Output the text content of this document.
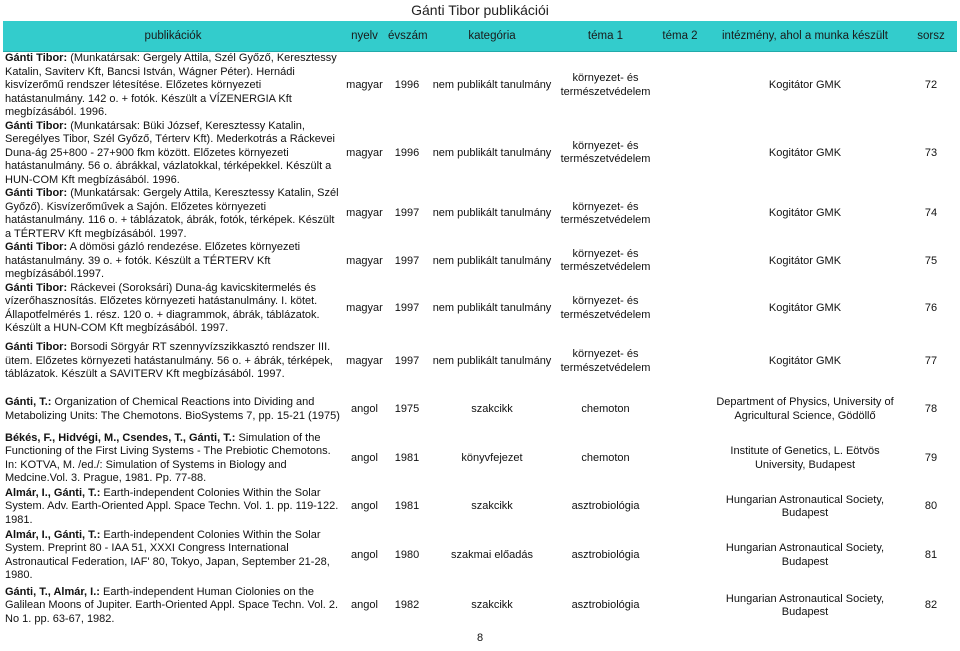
Gánti Tibor publikációi
publikációk	nyelv	évszám	kategória	téma 1	téma 2	intézmény, ahol a munka készült	sorsz
Gánti Tibor: (Munkatársak: Gergely Attila, Szél Győző, Keresztessy Katalin, Saviterv Kft, Bancsi István, Wágner Péter). Hernádi kisvízerőmű rendszer létesítése. Előzetes környezeti hatástanulmány. 142 o. + fotók. Készült a VÍZENERGIA Kft megbízásából. 1996.	magyar	1996	nem publikált tanulmány	környezet- és természetvédelem		Kogitátor GMK	72
Gánti Tibor: (Munkatársak: Büki József, Keresztessy Katalin, Seregélyes Tibor, Szél Győző, Térterv Kft). Mederkotrás a Ráckevei Duna-ág 25+800 - 27+900 fkm között. Előzetes környezeti hatástanulmány. 56 o. ábrákkal, vázlatokkal, térképekkel. Készült a HUN-COM Kft megbízásából. 1996.	magyar	1996	nem publikált tanulmány	környezet- és természetvédelem		Kogitátor GMK	73
Gánti Tibor: (Munkatársak: Gergely Attila, Keresztessy Katalin, Szél Győző). Kisvízerőművek a Sajón. Előzetes környezeti hatástanulmány. 116 o. + táblázatok, ábrák, fotók, térképek. Készült a TÉRTERV Kft megbízásából. 1997.	magyar	1997	nem publikált tanulmány	környezet- és természetvédelem		Kogitátor GMK	74
Gánti Tibor: A dömösi gázló rendezése. Előzetes környezeti hatástanulmány. 39 o. + fotók. Készült a TÉRTERV Kft megbízásából.1997.	magyar	1997	nem publikált tanulmány	környezet- és természetvédelem		Kogitátor GMK	75
Gánti Tibor: Ráckevei (Soroksári) Duna-ág kavicskitermelés és vízerőhasznosítás. Előzetes környezeti hatástanulmány. I. kötet. Állapotfelmérés 1. rész. 120 o. + diagrammok, ábrák, táblázatok. Készült a HUN-COM Kft megbízásából. 1997.	magyar	1997	nem publikált tanulmány	környezet- és természetvédelem		Kogitátor GMK	76
Gánti Tibor: Borsodi Sörgyár RT szennyvízszikkasztó rendszer III. ütem. Előzetes környezeti hatástanulmány. 56 o. + ábrák, térképek, táblázatok. Készült a SAVITERV Kft megbízásából. 1997.	magyar	1997	nem publikált tanulmány	környezet- és természetvédelem		Kogitátor GMK	77
Gánti, T.: Organization of Chemical Reactions into Dividing and Metabolizing Units: The Chemotons. BioSystems 7, pp. 15-21 (1975)	angol	1975	szakcikk	chemoton		Department of Physics, University of Agricultural Science, Gödöllő	78
Békés, F., Hidvégi, M., Csendes, T., Gánti, T.: Simulation of the Functioning of the First Living Systems - The Prebiotic Chemotons. In: KOTVA, M. /ed./: Simulation of Systems in Biology and Medcine.Vol. 3. Prague, 1981. Pp. 77-88.	angol	1981	könyvfejezet	chemoton		Institute of Genetics, L. Eötvös University, Budapest	79
Almár, I., Gánti, T.: Earth-independent Colonies Within the Solar System. Adv. Earth-Oriented Appl. Space Techn. Vol. 1. pp. 119-122. 1981.	angol	1981	szakcikk	asztrobiológia		Hungarian Astronautical Society, Budapest	80
Almár, I., Gánti, T.: Earth-independent Colonies Within the Solar System. Preprint 80 - IAA 51, XXXI Congress International Astronautical Federation, IAF' 80, Tokyo, Japan, September 21-28, 1980.	angol	1980	szakmai előadás	asztrobiológia		Hungarian Astronautical Society, Budapest	81
Gánti, T., Almár, I.: Earth-independent Human Ciolonies on the Galilean Moons of Jupiter. Earth-Oriented Appl. Space Techn. Vol. 2. No 1. pp. 63-67, 1982.	angol	1982	szakcikk	asztrobiológia		Hungarian Astronautical Society, Budapest	82
8
